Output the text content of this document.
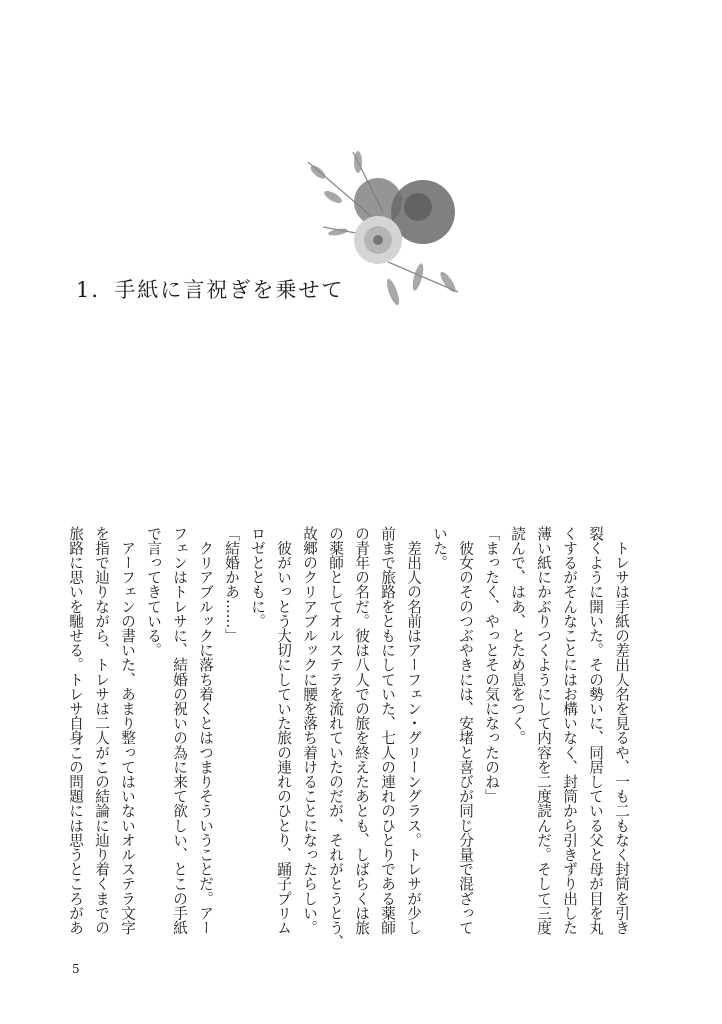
1．手紙に言祝ぎを乗せて
　トレサは手紙の差出人名を見るや、一も二もなく封筒を引き
裂くように開いた。その勢いに、同居している父と母が目を丸
くするがそんなことにはお構いなく、封筒から引きずり出した
薄い紙にかぶりつくようにして内容を二度読んだ。そして三度
読んで、はあ、とため息をつく。
「まったく、やっとその気になったのね」
　彼女のそのつぶやきには、安堵と喜びが同じ分量で混ざって
いた。
　差出人の名前はアーフェン・グリーングラス。トレサが少し
前まで旅路をともにしていた、七人の連れのひとりである薬師
の青年の名だ。彼は八人での旅を終えたあとも、しばらくは旅
の薬師としてオルステラを流れていたのだが、それがとうとう、
故郷のクリアブルックに腰を落ち着けることになったらしい。
　彼がいっとう大切にしていた旅の連れのひとり、踊子プリム
ロゼとともに。
「結婚かあ……」
　クリアブルックに落ち着くとはつまりそういうことだ。アー
フェンはトレサに、結婚の祝いの為に来て欲しい、とこの手紙
で言ってきている。
　アーフェンの書いた、あまり整ってはいないオルステラ文字
を指で辿りながら、トレサは二人がこの結論に辿り着くまでの
旅路に思いを馳せる。トレサ自身この問題には思うところがあ
5
